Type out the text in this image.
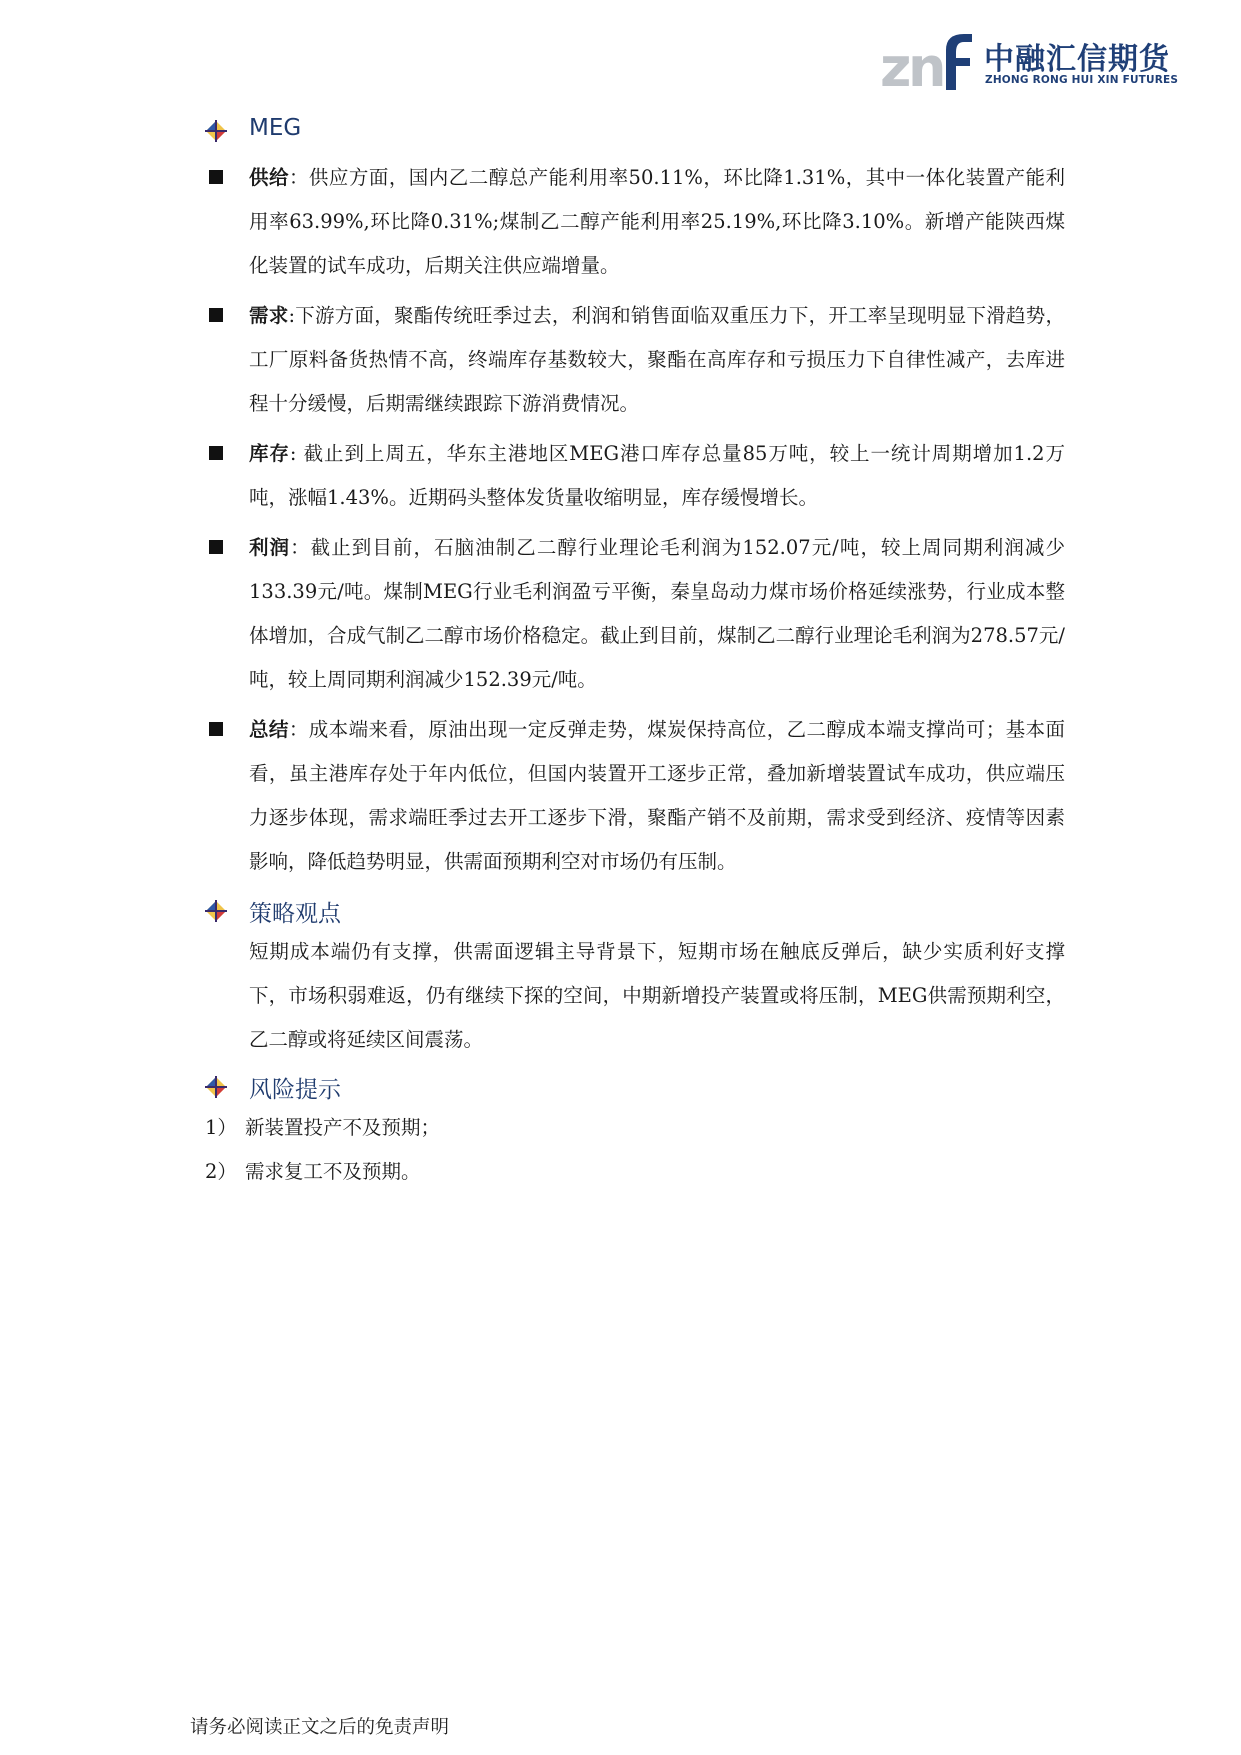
z
n 中融汇信期货
ZHONG RONG HUI XIN FUTURES
MEG

供给：供应方面，国内乙二醇总产能利用率50.11%，环比降1.31%，其中一体化装置产能利用率63.99%,环比降0.31%;煤制乙二醇产能利用率25.19%,环比降3.10%。新增产能陕西煤化装置的试车成功，后期关注供应端增量。

需求:下游方面，聚酯传统旺季过去，利润和销售面临双重压力下，开工率呈现明显下滑趋势，工厂原料备货热情不高，终端库存基数较大，聚酯在高库存和亏损压力下自律性减产，去库进程十分缓慢，后期需继续跟踪下游消费情况。

库存: 截止到上周五，华东主港地区MEG港口库存总量85万吨，较上一统计周期增加1.2万吨，涨幅1.43%。近期码头整体发货量收缩明显，库存缓慢增长。

利润：截止到目前，石脑油制乙二醇行业理论毛利润为152.07元/吨，较上周同期利润减少133.39元/吨。煤制MEG行业毛利润盈亏平衡，秦皇岛动力煤市场价格延续涨势，行业成本整体增加，合成气制乙二醇市场价格稳定。截止到目前，煤制乙二醇行业理论毛利润为278.57元/吨，较上周同期利润减少152.39元/吨。

总结：成本端来看，原油出现一定反弹走势，煤炭保持高位，乙二醇成本端支撑尚可；基本面看，虽主港库存处于年内低位，但国内装置开工逐步正常，叠加新增装置试车成功，供应端压力逐步体现，需求端旺季过去开工逐步下滑，聚酯产销不及前期，需求受到经济、疫情等因素影响，降低趋势明显，供需面预期利空对市场仍有压制。

策略观点

短期成本端仍有支撑，供需面逻辑主导背景下，短期市场在触底反弹后，缺少实质利好支撑下，市场积弱难返，仍有继续下探的空间，中期新增投产装置或将压制，MEG供需预期利空，乙二醇或将延续区间震荡。

风险提示

1） 新装置投产不及预期；

2） 需求复工不及预期。

请务必阅读正文之后的免责声明
